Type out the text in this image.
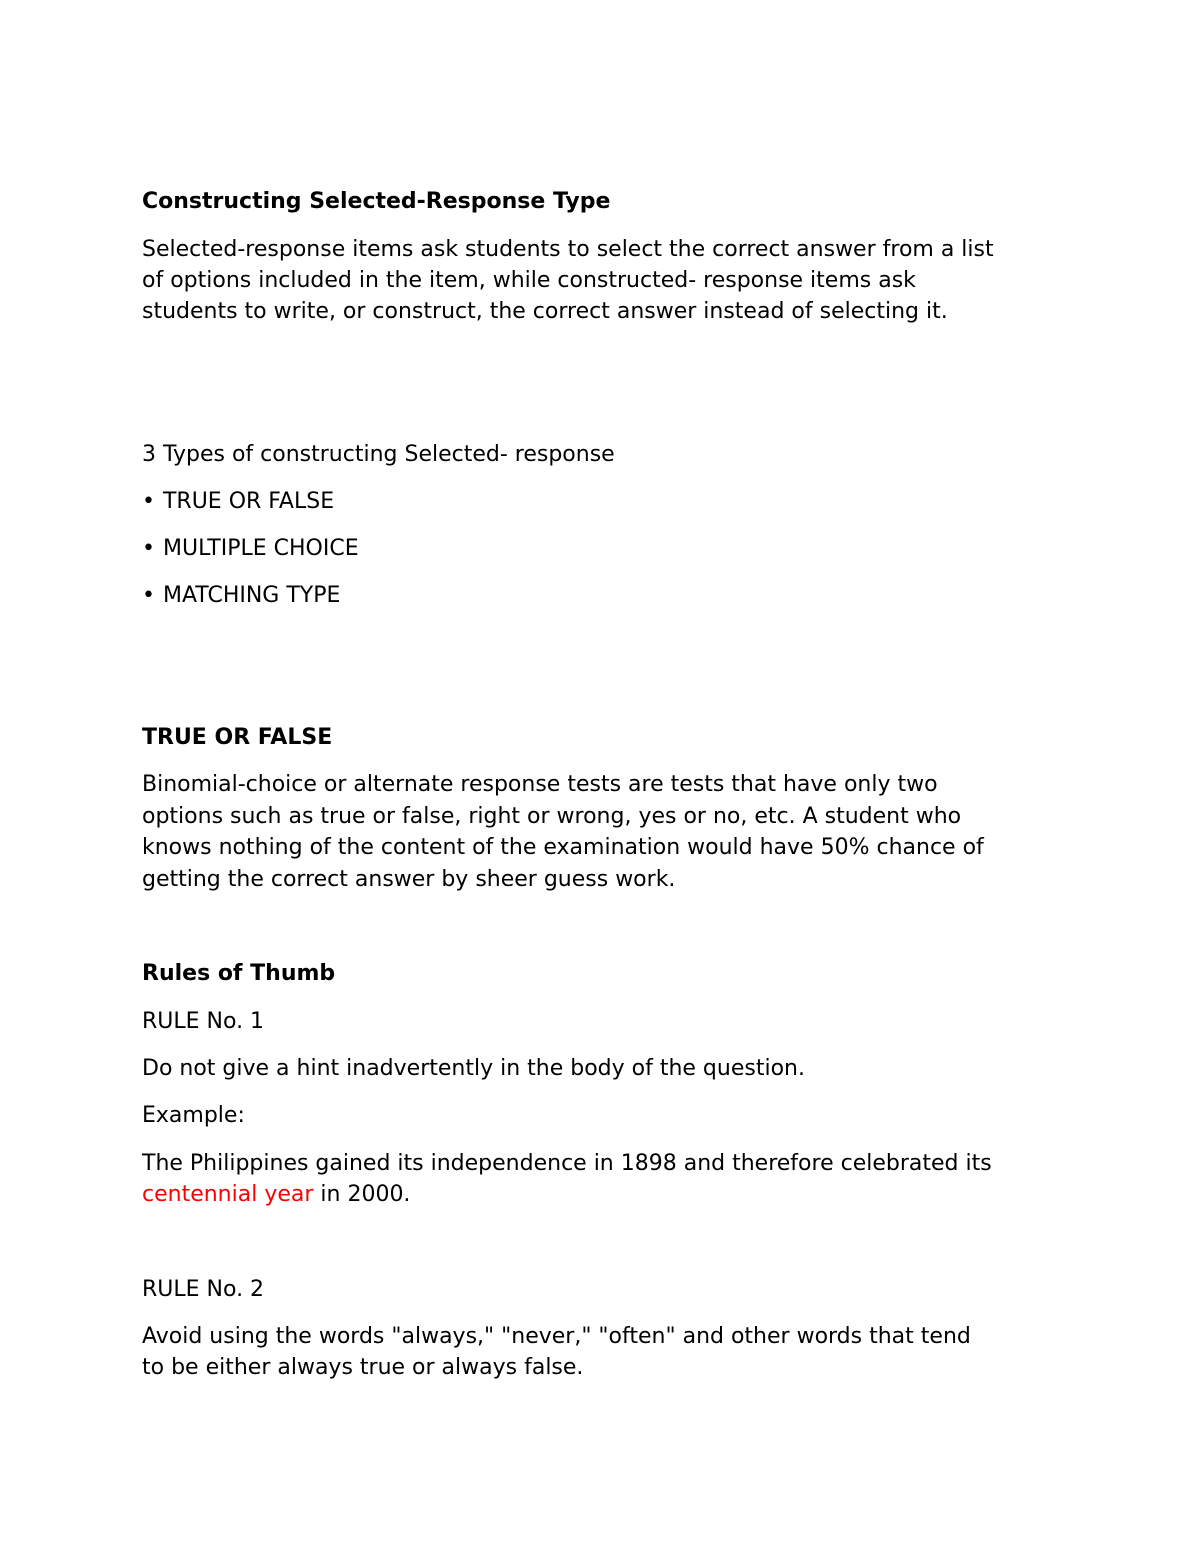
Constructing Selected-Response Type

Selected-response items ask students to select the correct answer from a list

of options included in the item, while constructed- response items ask

students to write, or construct, the correct answer instead of selecting it.

3 Types of constructing Selected- response

• TRUE OR FALSE

• MULTIPLE CHOICE

• MATCHING TYPE

TRUE OR FALSE

Binomial-choice or alternate response tests are tests that have only two

options such as true or false, right or wrong, yes or no, etc. A student who

knows nothing of the content of the examination would have 50% chance of

getting the correct answer by sheer guess work.

Rules of Thumb

RULE No. 1

Do not give a hint inadvertently in the body of the question.

Example:

The Philippines gained its independence in 1898 and therefore celebrated its

centennial year in 2000.

RULE No. 2

Avoid using the words "always," "never," "often" and other words that tend

to be either always true or always false.
